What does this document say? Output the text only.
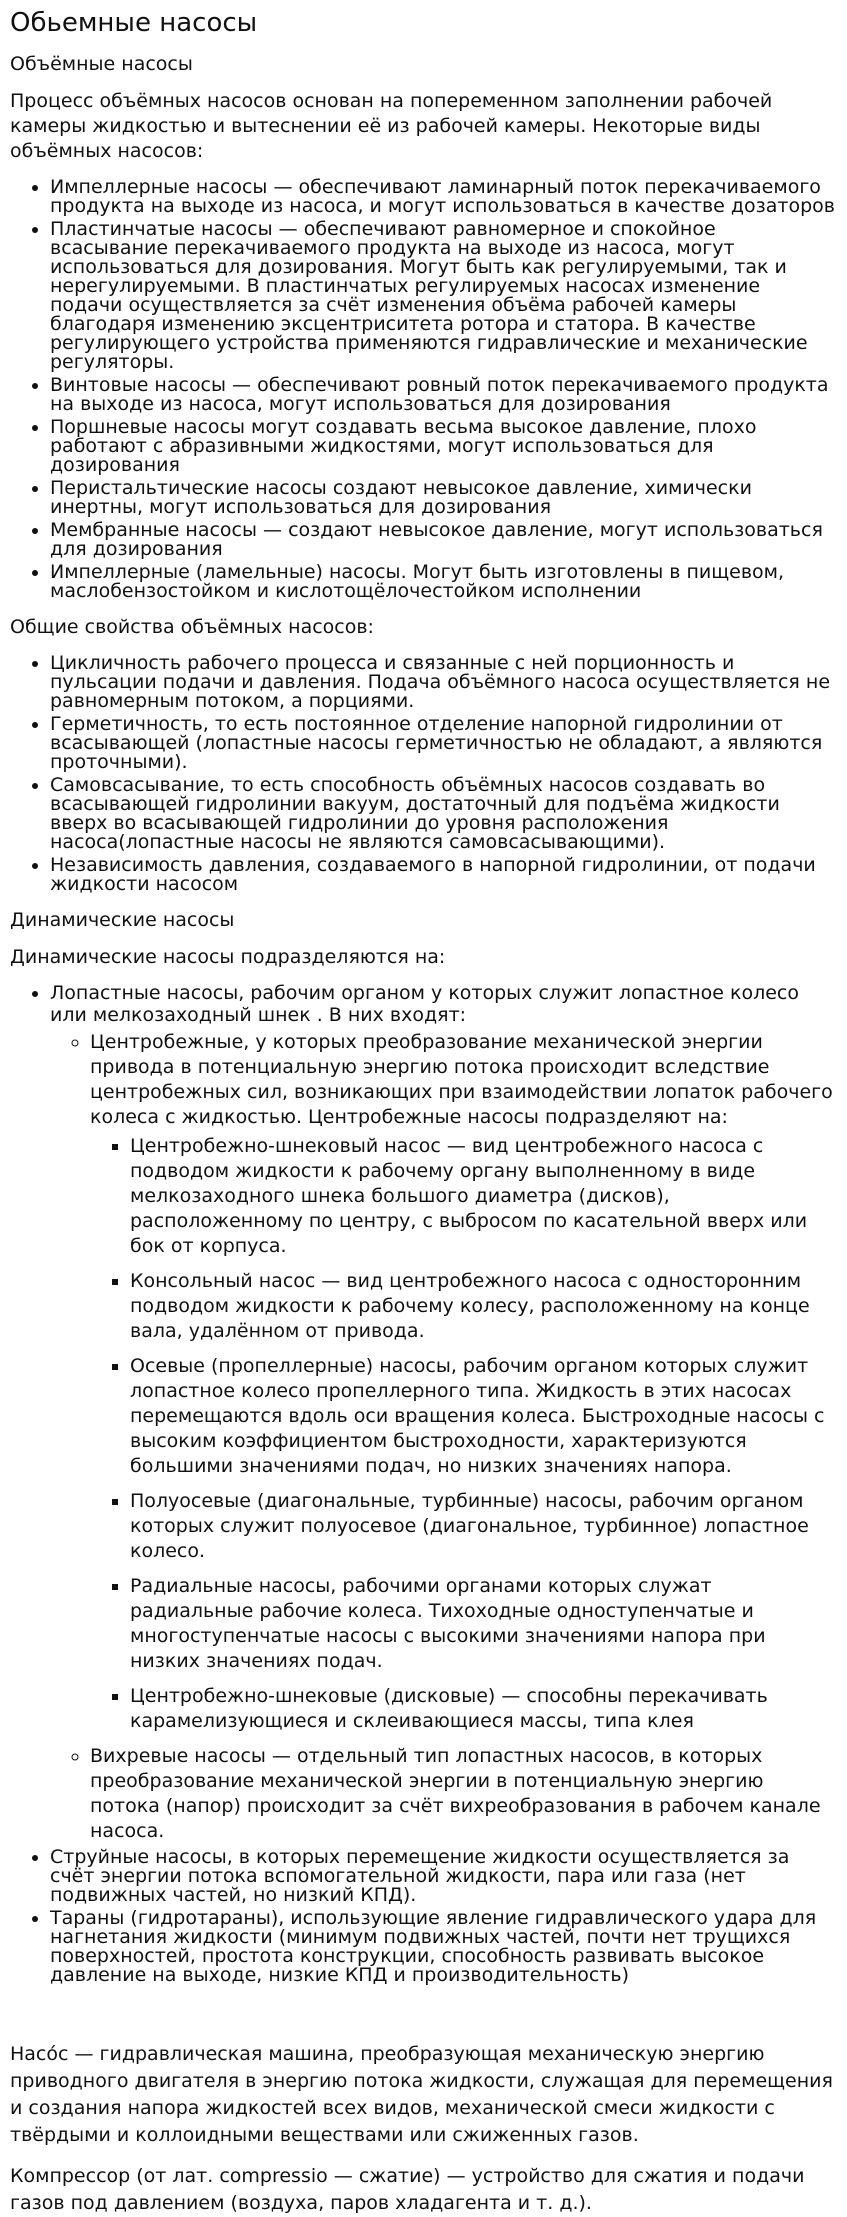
Обьемные насосы

Объёмные насосы

Процесс объёмных насосов основан на попеременном заполнении рабочей камеры жидкостью и вытеснении её из рабочей камеры. Некоторые виды объёмных насосов:

• Импеллерные насосы — обеспечивают ламинарный поток перекачиваемого продукта на выходе из насоса, и могут использоваться в качестве дозаторов
• Пластинчатые насосы — обеспечивают равномерное и спокойное всасывание перекачиваемого продукта на выходе из насоса, могут использоваться для дозирования. Могут быть как регулируемыми, так и нерегулируемыми. В пластинчатых регулируемых насосах изменение подачи осуществляется за счёт изменения объёма рабочей камеры благодаря изменению эксцентриситета ротора и статора. В качестве регулирующего устройства применяются гидравлические и механические регуляторы.
• Винтовые насосы — обеспечивают ровный поток перекачиваемого продукта на выходе из насоса, могут использоваться для дозирования
• Поршневые насосы могут создавать весьма высокое давление, плохо работают с абразивными жидкостями, могут использоваться для дозирования
• Перистальтические насосы создают невысокое давление, химически инертны, могут использоваться для дозирования
• Мембранные насосы — создают невысокое давление, могут использоваться для дозирования
• Импеллерные (ламельные) насосы. Могут быть изготовлены в пищевом, маслобензостойком и кислотощёлочестойком исполнении

Общие свойства объёмных насосов:

• Цикличность рабочего процесса и связанные с ней порционность и пульсации подачи и давления. Подача объёмного насоса осуществляется не равномерным потоком, а порциями.
• Герметичность, то есть постоянное отделение напорной гидролинии от всасывающей (лопастные насосы герметичностью не обладают, а являются проточными).
• Самовсасывание, то есть способность объёмных насосов создавать во всасывающей гидролинии вакуум, достаточный для подъёма жидкости вверх во всасывающей гидролинии до уровня расположения насоса(лопастные насосы не являются самовсасывающими).
• Независимость давления, создаваемого в напорной гидролинии, от подачи жидкости насосом

Динамические насосы

Динамические насосы подразделяются на:

• Лопастные насосы, рабочим органом у которых служит лопастное колесо или мелкозаходный шнек . В них входят:
◦ Центробежные, у которых преобразование механической энергии привода в потенциальную энергию потока происходит вследствие центробежных сил, возникающих при взаимодействии лопаток рабочего колеса с жидкостью. Центробежные насосы подразделяют на:
▪ Центробежно-шнековый насос — вид центробежного насоса с подводом жидкости к рабочему органу выполненному в виде мелкозаходного шнека большого диаметра (дисков), расположенному по центру, с выбросом по касательной вверх или бок от корпуса.
▪ Консольный насос — вид центробежного насоса с односторонним подводом жидкости к рабочему колесу, расположенному на конце вала, удалённом от привода.
▪ Осевые (пропеллерные) насосы, рабочим органом которых служит лопастное колесо пропеллерного типа. Жидкость в этих насосах перемещаются вдоль оси вращения колеса. Быстроходные насосы с высоким коэффициентом быстроходности, характеризуются большими значениями подач, но низких значениях напора.
▪ Полуосевые (диагональные, турбинные) насосы, рабочим органом которых служит полуосевое (диагональное, турбинное) лопастное колесо.
▪ Радиальные насосы, рабочими органами которых служат радиальные рабочие колеса. Тихоходные одноступенчатые и многоступенчатые насосы с высокими значениями напора при низких значениях подач.
▪ Центробежно-шнековые (дисковые) — способны перекачивать карамелизующиеся и склеивающиеся массы, типа клея
◦ Вихревые насосы — отдельный тип лопастных насосов, в которых преобразование механической энергии в потенциальную энергию потока (напор) происходит за счёт вихреобразования в рабочем канале насоса.
• Струйные насосы, в которых перемещение жидкости осуществляется за счёт энергии потока вспомогательной жидкости, пара или газа (нет подвижных частей, но низкий КПД).
• Тараны (гидротараны), использующие явление гидравлического удара для нагнетания жидкости (минимум подвижных частей, почти нет трущихся поверхностей, простота конструкции, способность развивать высокое давление на выходе, низкие КПД и производительность)

Насо́с — гидравлическая машина, преобразующая механическую энергию приводного двигателя в энергию потока жидкости, служащая для перемещения и создания напора жидкостей всех видов, механической смеси жидкости с твёрдыми и коллоидными веществами или сжиженных газов.

Компрессор (от лат. compressio — сжатие) — устройство для сжатия и подачи газов под давлением (воздуха, паров хладагента и т. д.).
